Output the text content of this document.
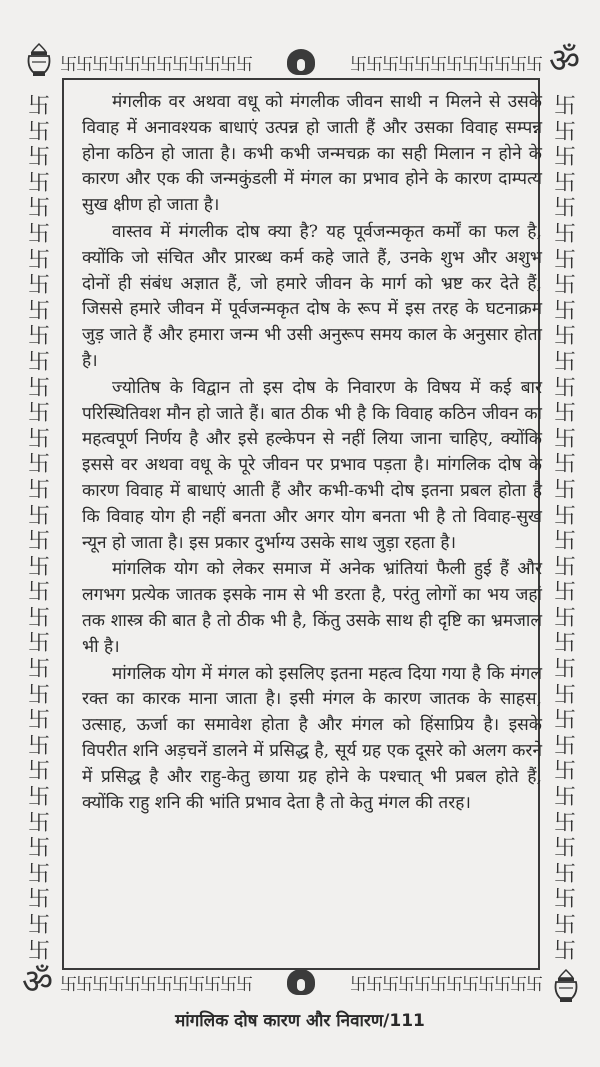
ॐ
ॐ
卐卐卐卐卐卐卐卐卐卐卐卐	卐卐卐卐卐卐卐卐卐卐卐卐
卐卐卐卐卐卐卐卐卐卐卐卐	卐卐卐卐卐卐卐卐卐卐卐卐
卐
卐
卐
卐
卐
卐
卐
卐
卐
卐
卐
卐
卐
卐
卐
卐
卐
卐
卐
卐
卐
卐
卐
卐
卐
卐
卐
卐
卐
卐
卐
卐
卐
卐
卐
卐
卐
卐
卐
卐
卐
卐
卐
卐
卐
卐
卐
卐
卐
卐
卐
卐
卐
卐
卐
卐
卐
卐
卐
卐
卐
卐
卐
卐
卐
卐
卐
卐

मंगलीक वर अथवा वधू को मंगलीक जीवन साथी न मिलने से उसके विवाह में अनावश्यक बाधाएं उत्पन्न हो जाती हैं और उसका विवाह सम्पन्न होना कठिन हो जाता है। कभी कभी जन्मचक्र का सही मिलान न होने के कारण और एक की जन्मकुंडली में मंगल का प्रभाव होने के कारण दाम्पत्य सुख क्षीण हो जाता है।

वास्तव में मंगलीक दोष क्या है? यह पूर्वजन्मकृत कर्मों का फल है, क्योंकि जो संचित और प्रारब्ध कर्म कहे जाते हैं, उनके शुभ और अशुभ दोनों ही संबंध अज्ञात हैं, जो हमारे जीवन के मार्ग को भ्रष्ट कर देते हैं, जिससे हमारे जीवन में पूर्वजन्मकृत दोष के रूप में इस तरह के घटनाक्रम जुड़ जाते हैं और हमारा जन्म भी उसी अनुरूप समय काल के अनुसार होता है।

ज्योतिष के विद्वान तो इस दोष के निवारण के विषय में कई बार परिस्थितिवश मौन हो जाते हैं। बात ठीक भी है कि विवाह कठिन जीवन का महत्वपूर्ण निर्णय है और इसे हल्केपन से नहीं लिया जाना चाहिए, क्योंकि इससे वर अथवा वधू के पूरे जीवन पर प्रभाव पड़ता है। मांगलिक दोष के कारण विवाह में बाधाएं आती हैं और कभी-कभी दोष इतना प्रबल होता है कि विवाह योग ही नहीं बनता और अगर योग बनता भी है तो विवाह-सुख न्यून हो जाता है। इस प्रकार दुर्भाग्य उसके साथ जुड़ा रहता है।

मांगलिक योग को लेकर समाज में अनेक भ्रांतियां फैली हुई हैं और लगभग प्रत्येक जातक इसके नाम से भी डरता है, परंतु लोगों का भय जहां तक शास्त्र की बात है तो ठीक भी है, किंतु उसके साथ ही दृष्टि का भ्रमजाल भी है।

मांगलिक योग में मंगल को इसलिए इतना महत्व दिया गया है कि मंगल रक्त का कारक माना जाता है। इसी मंगल के कारण जातक के साहस, उत्साह, ऊर्जा का समावेश होता है और मंगल को हिंसाप्रिय है। इसके विपरीत शनि अड़चनें डालने में प्रसिद्ध है, सूर्य ग्रह एक दूसरे को अलग करने में प्रसिद्ध है और राहु-केतु छाया ग्रह होने के पश्चात् भी प्रबल होते हैं, क्योंकि राहु शनि की भांति प्रभाव देता है तो केतु मंगल की तरह।

मांगलिक दोष कारण और निवारण/111
